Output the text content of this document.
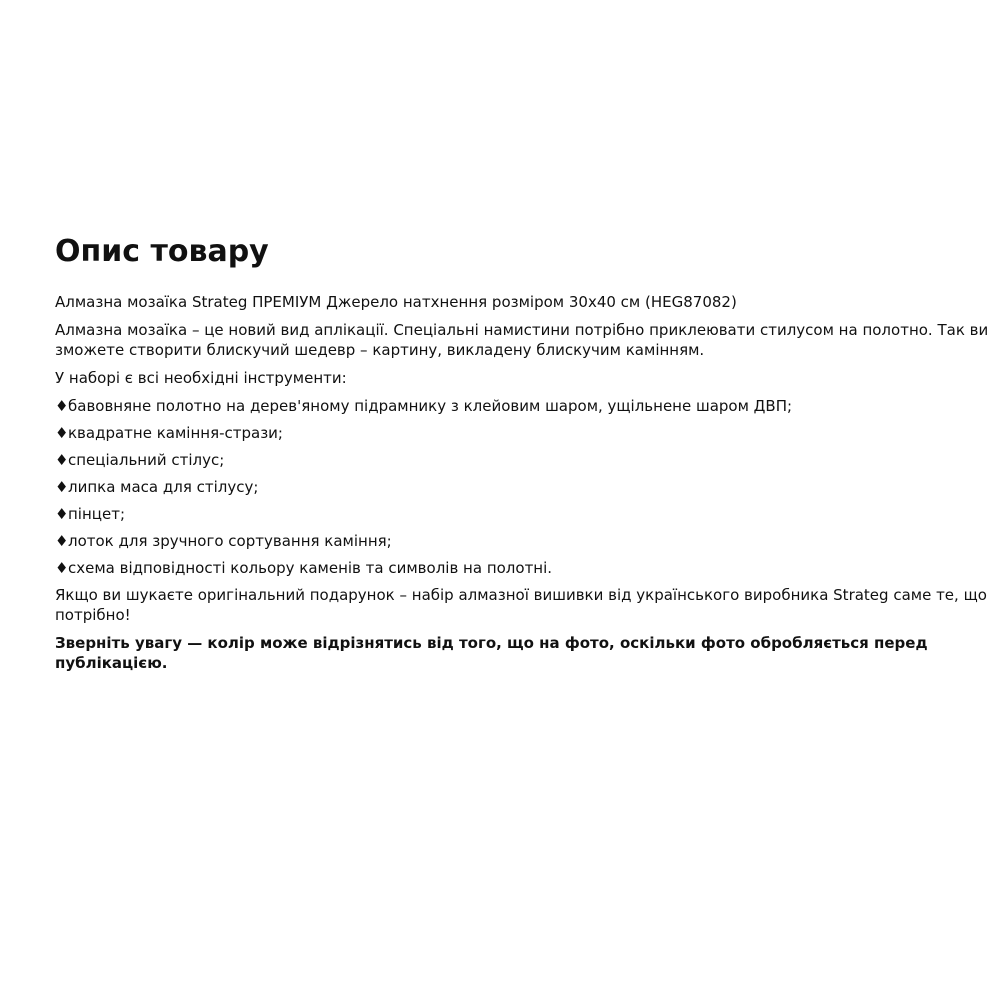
Опис товару

Алмазна мозаїка Strateg ПРЕМІУМ Джерело натхнення розміром 30х40 см (HEG87082)

Алмазна мозаїка – це новий вид аплікації. Спеціальні намистини потрібно приклеювати стилусом на полотно. Так ви зможете створити блискучий шедевр – картину, викладену блискучим камінням.

У наборі є всі необхідні інструменти:

♦ бавовняне полотно на дерев'яному підрамнику з клейовим шаром, ущільнене шаром ДВП;
♦ квадратне каміння-стрази;
♦ спеціальний стілус;
♦ липка маса для стілусу;
♦ пінцет;
♦ лоток для зручного сортування каміння;
♦ схема відповідності кольору каменів та символів на полотні.

Якщо ви шукаєте оригінальний подарунок – набір алмазної вишивки від українського виробника Strateg саме те, що потрібно!

Зверніть увагу — колір може відрізнятись від того, що на фото, оскільки фото обробляється перед публікацією.
